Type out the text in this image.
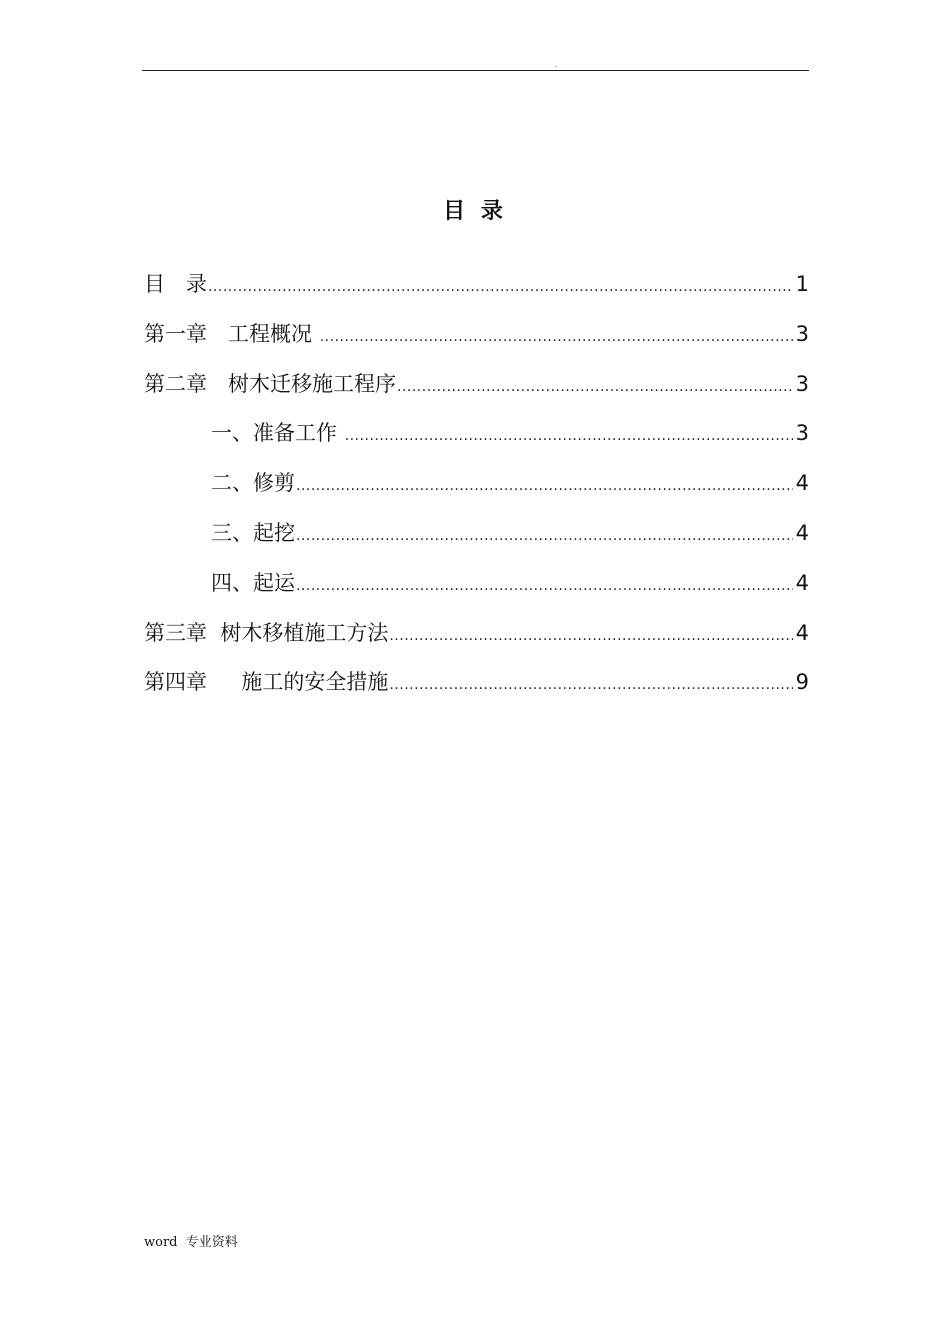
.
目 录
目　录 .....	1
第一章　工程概况 .....	3
第二章　树木迁移施工程序 .....	3
一、准备工作 .....	3
二、修剪 .....	4
三、起挖 .....	4
四、起运 .....	4
第三章  树木移植施工方法 .....	4
第四章 　 施工的安全措施 .....	9
word  专业资料
